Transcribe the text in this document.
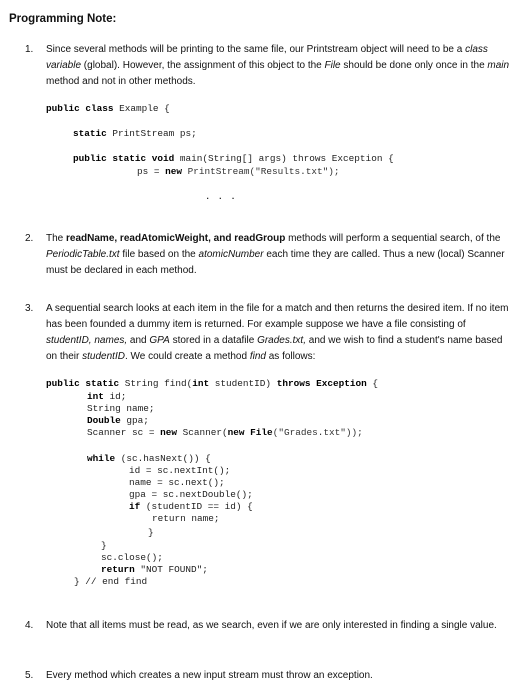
Programming Note:
1. Since several methods will be printing to the same file, our Printstream object will need to be a class variable (global). However, the assignment of this object to the File should be done only once in the main method and not in other methods.
public class Example {

static PrintStream ps;
public static void main(String[] args) throws Exception {
ps = new PrintStream("Results.txt");
. . .
2. The readName, readAtomicWeight, and readGroup methods will perform a sequential search, of the PeriodicTable.txt file based on the atomicNumber each time they are called. Thus a new (local) Scanner must be declared in each method.
3. A sequential search looks at each item in the file for a match and then returns the desired item. If no item has been founded a dummy item is returned. For example suppose we have a file consisting of studentID, names, and GPA stored in a datafile Grades.txt, and we wish to find a student's name based on their studentID. We could create a method find as follows:
public static String find(int studentID) throws Exception {
int id;
String name;
Double gpa;
Scanner sc = new Scanner(new File("Grades.txt"));
while (sc.hasNext()) {
id = sc.nextInt();
name = sc.next();
gpa = sc.nextDouble();
if (studentID == id) {
return name;
}
}
sc.close();
return "NOT FOUND";
} // end find
4. Note that all items must be read, as we search, even if we are only interested in finding a single value.
5. Every method which creates a new input stream must throw an exception.
